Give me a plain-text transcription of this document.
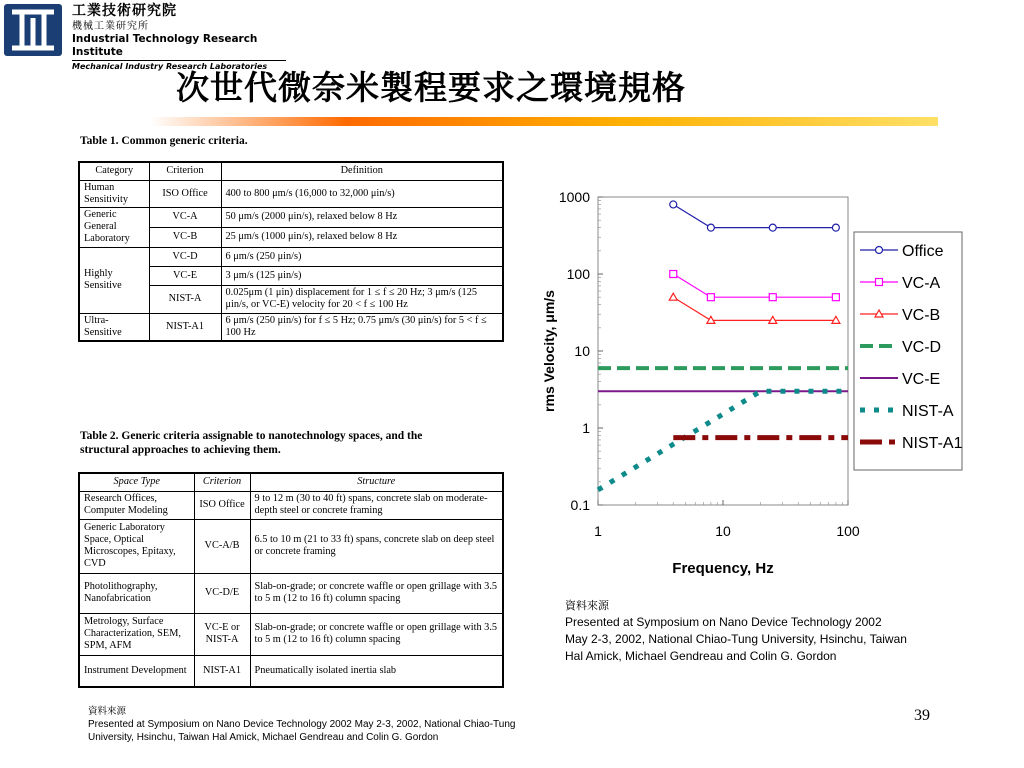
工業技術研究院
機械工業研究所
Industrial Technology Research Institute
Mechanical Industry Research Laboratories
次世代微奈米製程要求之環境規格
Table 1. Common generic criteria.
Category	Criterion	Definition
Human Sensitivity	ISO Office	400 to 800 μm/s (16,000 to 32,000 μin/s)
Generic General Laboratory	VC-A	50 μm/s (2000 μin/s), relaxed below 8 Hz
	VC-B	25 μm/s (1000 μin/s), relaxed below 8 Hz
Highly Sensitive	VC-D	6 μm/s (250 μin/s)
	VC-E	3 μm/s (125 μin/s)
	NIST-A	0.025μm (1 μin) displacement for 1 ≤ f ≤ 20 Hz; 3 μm/s (125 μin/s, or VC-E) velocity for 20 < f ≤ 100 Hz
Ultra-Sensitive	NIST-A1	6 μm/s (250 μin/s) for f ≤ 5 Hz; 0.75 μm/s (30 μin/s) for 5 < f ≤ 100 Hz
Table 2. Generic criteria assignable to nanotechnology spaces, and the
structural approaches to achieving them.
Space Type	Criterion	Structure
Research Offices, Computer Modeling	ISO Office	9 to 12 m (30 to 40 ft) spans, concrete slab on moderate-depth steel or concrete framing
Generic Laboratory Space, Optical Microscopes, Epitaxy, CVD	VC-A/B	6.5 to 10 m (21 to 33 ft) spans, concrete slab on deep steel or concrete framing
Photolithography, Nanofabrication	VC-D/E	Slab-on-grade; or concrete waffle or open grillage with 3.5 to 5 m (12 to 16 ft) column spacing
Metrology, Surface Characterization, SEM, SPM, AFM	VC-E or NIST-A	Slab-on-grade; or concrete waffle or open grillage with 3.5 to 5 m (12 to 16 ft) column spacing
Instrument Development	NIST-A1	Pneumatically isolated inertia slab
0.1
1
10
100
1000
1	10	100
Frequency, Hz
rms Velocity, μm/s
Office
VC-A
VC-B
VC-D
VC-E
NIST-A
NIST-A1
資料來源
Presented at Symposium on Nano Device Technology 2002
May 2-3, 2002, National Chiao-Tung University, Hsinchu, Taiwan
Hal Amick, Michael Gendreau and Colin G. Gordon
資料來源
Presented at Symposium on Nano Device Technology 2002 May 2-3, 2002, National Chiao-Tung
University, Hsinchu, Taiwan Hal Amick, Michael Gendreau and Colin G. Gordon
39
